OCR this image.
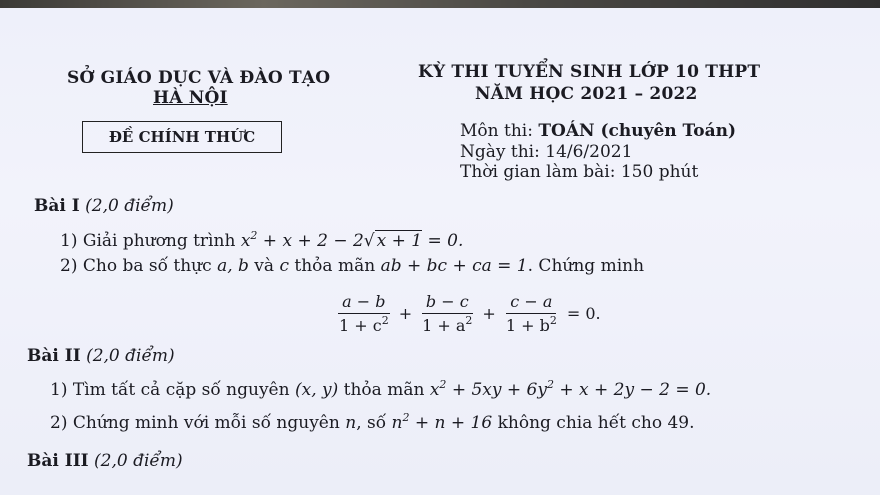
SỞ GIÁO DỤC VÀ ĐÀO TẠO
HÀ NỘI
ĐỀ CHÍNH THỨC
KỲ THI TUYỂN SINH LỚP 10 THPT
NĂM HỌC 2021 – 2022
Môn thi: TOÁN (chuyên Toán)
Ngày thi: 14/6/2021
Thời gian làm bài: 150 phút
Bài I (2,0 điểm)
1) Giải phương trình $x^2 + x + 2 - 2√$ x + 1 = 0.
2) Cho ba số thực a, b và c thỏa mãn ab + bc + ca = 1. Chứng minh
$\frac{a - b}{1 + c^2} + \frac{b - c}{1 + a^2} + \frac{c - a}{1 + b^2} = 0$.
Bài II (2,0 điểm)
1) Tìm tất cả cặp số nguyên (x, y) thỏa mãn $x^2 + 5xy + 6y^2 + x + 2y - 2 = 0$.
2) Chứng minh với mỗi số nguyên n, số $n^2 + n + 16$ không chia hết cho 49.
Bài III (2,0 điểm)
